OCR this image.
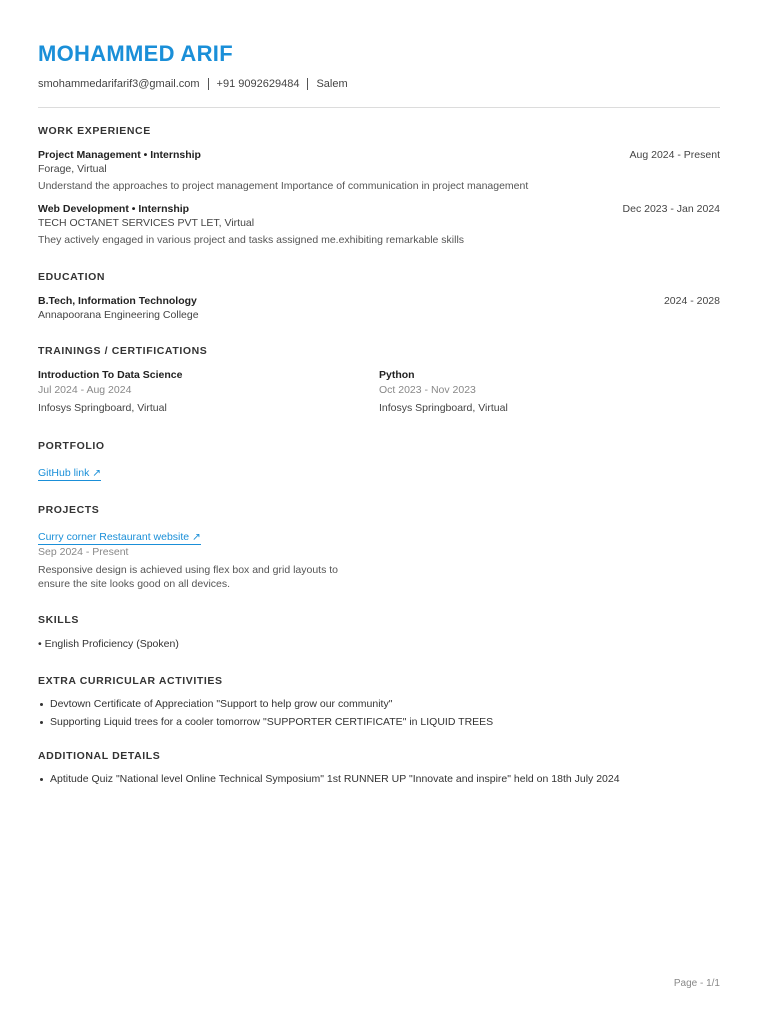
MOHAMMED ARIF
smohammedarifarif3@gmail.com +91 9092629484 Salem
WORK EXPERIENCE
Project Management • Internship	Aug 2024 - Present
Forage, Virtual
Understand the approaches to project management Importance of communication in project management
Web Development • Internship	Dec 2023 - Jan 2024
TECH OCTANET SERVICES PVT LET, Virtual
They actively engaged in various project and tasks assigned me.exhibiting remarkable skills
EDUCATION
B.Tech, Information Technology	2024 - 2028
Annapoorana Engineering College
TRAININGS / CERTIFICATIONS
Introduction To Data Science
Jul 2024 - Aug 2024
Infosys Springboard, Virtual
Python
Oct 2023 - Nov 2023
Infosys Springboard, Virtual
PORTFOLIO
GitHub link ↗
PROJECTS
Curry corner Restaurant website ↗
Sep 2024 - Present
Responsive design is achieved using flex box and grid layouts to
ensure the site looks good on all devices.
SKILLS
• English Proficiency (Spoken)
EXTRA CURRICULAR ACTIVITIES
Devtown Certificate of Appreciation "Support to help grow our community"
Supporting Liquid trees for a cooler tomorrow "SUPPORTER CERTIFICATE" in LIQUID TREES
ADDITIONAL DETAILS
Aptitude Quiz "National level Online Technical Symposium" 1st RUNNER UP "Innovate and inspire" held on 18th July 2024
Page - 1/1
